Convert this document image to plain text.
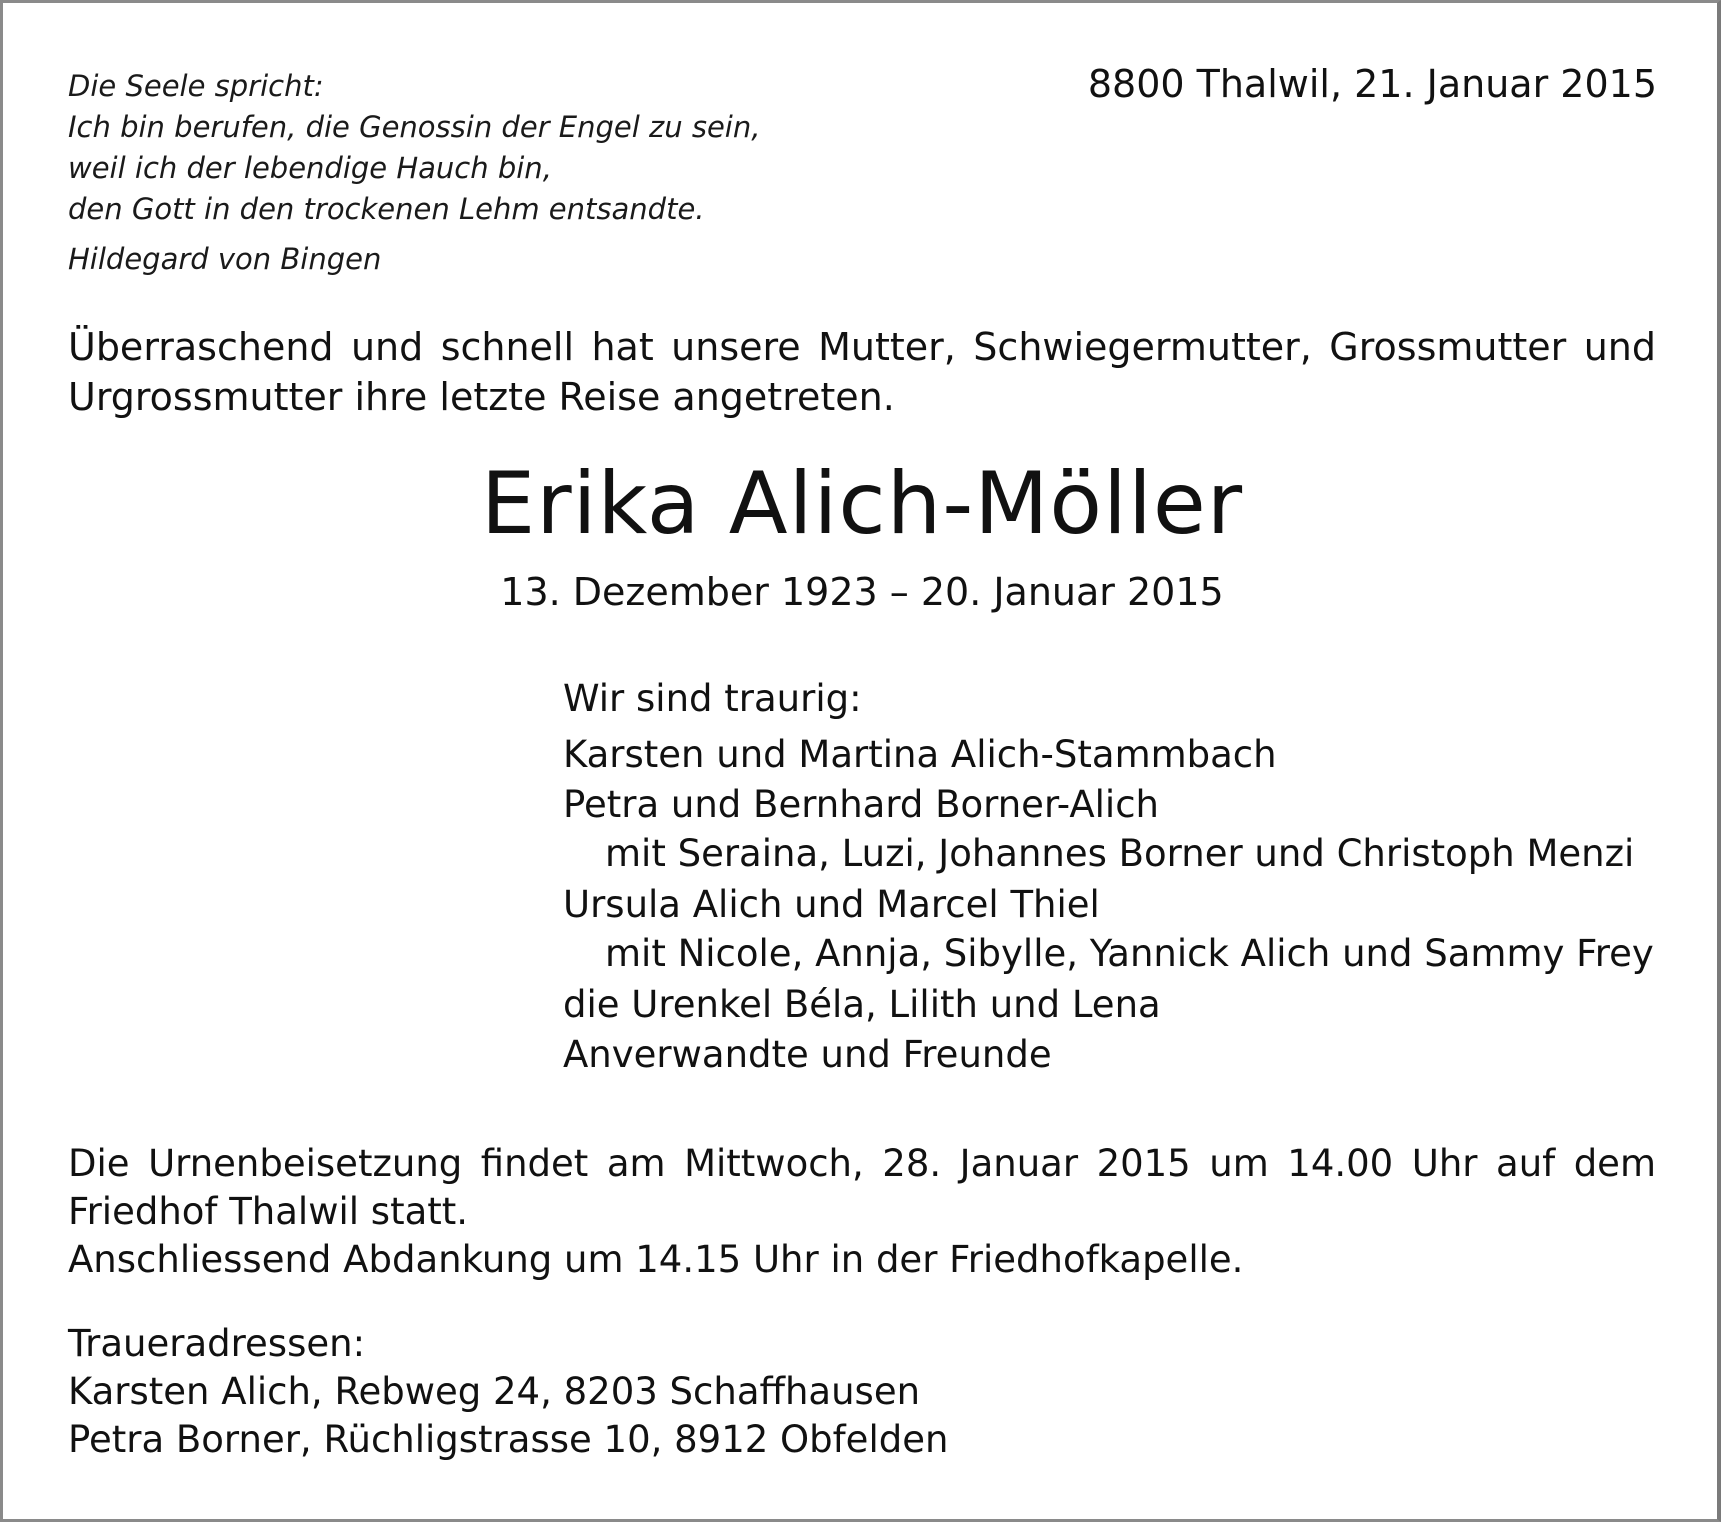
Die Seele spricht:
Ich bin berufen, die Genossin der Engel zu sein,
weil ich der lebendige Hauch bin,
den Gott in den trockenen Lehm entsandte.
Hildegard von Bingen
8800 Thalwil, 21. Januar 2015
Überraschend und schnell hat unsere Mutter, Schwiegermutter, Grossmutter und
Urgrossmutter ihre letzte Reise angetreten.
Erika Alich-Möller
13. Dezember 1923 – 20. Januar 2015
Wir sind traurig:
Karsten und Martina Alich-Stammbach
Petra und Bernhard Borner-Alich
mit Seraina, Luzi, Johannes Borner und Christoph Menzi
Ursula Alich und Marcel Thiel
mit Nicole, Annja, Sibylle, Yannick Alich und Sammy Frey
die Urenkel Béla, Lilith und Lena
Anverwandte und Freunde
Die Urnenbeisetzung findet am Mittwoch, 28. Januar 2015 um 14.00 Uhr auf dem
Friedhof Thalwil statt.
Anschliessend Abdankung um 14.15 Uhr in der Friedhofkapelle.
Traueradressen:
Karsten Alich, Rebweg 24, 8203 Schaffhausen
Petra Borner, Rüchligstrasse 10, 8912 Obfelden
